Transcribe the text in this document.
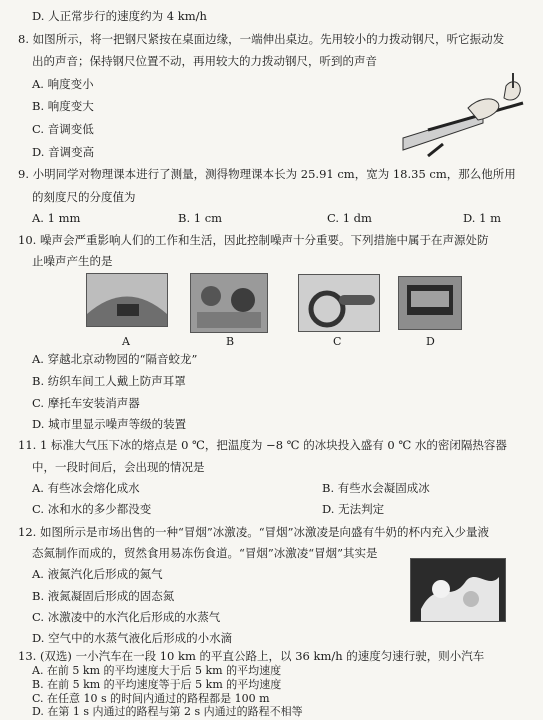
D. 人正常步行的速度约为 4 km/h
8. 如图所示，将一把钢尺紧按在桌面边缘，一端伸出桌边。先用较小的力拨动钢尺，听它振动发
出的声音；保持钢尺位置不动，再用较大的力拨动钢尺，听到的声音
A. 响度变小
B. 响度变大
C. 音调变低
D. 音调变高
9. 小明同学对物理课本进行了测量，测得物理课本长为 25.91 cm，宽为 18.35 cm，那么他所用
的刻度尺的分度值为
A. 1 mm	B. 1 cm	C. 1 dm	D. 1 m
10. 噪声会严重影响人们的工作和生活，因此控制噪声十分重要。下列措施中属于在声源处防
止噪声产生的是
A	B	C	D
A. 穿越北京动物园的“隔音蛟龙”
B. 纺织车间工人戴上防声耳罩
C. 摩托车安装消声器
D. 城市里显示噪声等级的装置
11. 1 标准大气压下冰的熔点是 0 ℃，把温度为 −8 ℃ 的冰块投入盛有 0 ℃ 水的密闭隔热容器
中，一段时间后，会出现的情况是
A. 有些冰会熔化成水	B. 有些水会凝固成冰
C. 冰和水的多少都没变	D. 无法判定
12. 如图所示是市场出售的一种“冒烟”冰激凌。“冒烟”冰激凌是向盛有牛奶的杯内充入少量液
态氮制作而成的，贸然食用易冻伤食道。“冒烟”冰激凌“冒烟”其实是
A. 液氮汽化后形成的氮气
B. 液氮凝固后形成的固态氮
C. 冰激凌中的水汽化后形成的水蒸气
D. 空气中的水蒸气液化后形成的小水滴
13. (双选) 一小汽车在一段 10 km 的平直公路上，以 36 km/h 的速度匀速行驶，则小汽车
A. 在前 5 km 的平均速度大于后 5 km 的平均速度
B. 在前 5 km 的平均速度等于后 5 km 的平均速度
C. 在任意 10 s 的时间内通过的路程都是 100 m
D. 在第 1 s 内通过的路程与第 2 s 内通过的路程不相等
